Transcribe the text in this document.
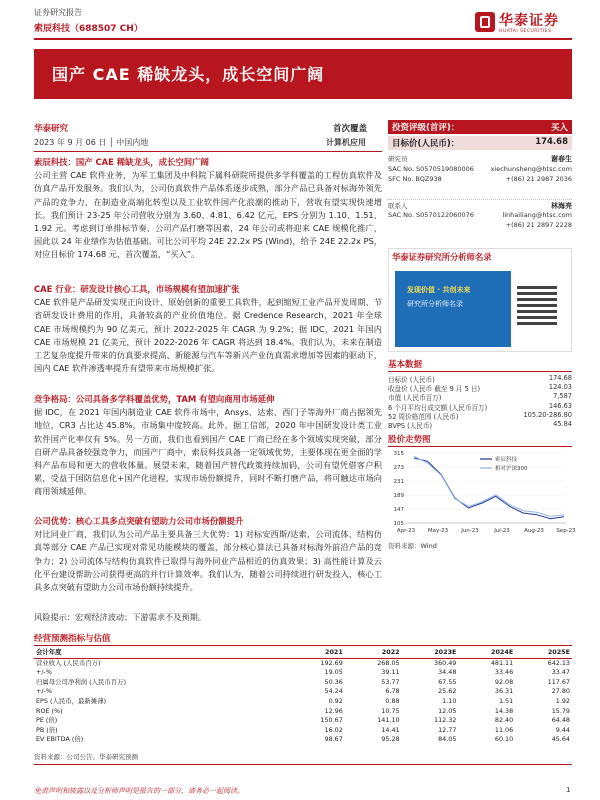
证券研究报告
索辰科技（688507 CH）	华泰证券
HUATAI SECURITIES
国产 CAE 稀缺龙头，成长空间广阔
华泰研究	首次覆盖
2023 年 9 月 06 日 │ 中国内地	计算机应用
索辰科技：国产 CAE 稀缺龙头，成长空间广阔
公司主营 CAE 软件业务，为军工集团及中科院下属科研院所提供多学科覆盖的工程仿真软件及仿真产品开发服务。我们认为，公司仿真软件产品体系逐步成熟，部分产品已具备对标海外领先产品的竞争力，在制造业高端化转型以及工业软件国产化浪潮的推动下，营收有望实现快速增长。我们预计 23-25 年公司营收分别为 3.60、4.81、6.42 亿元，EPS 分别为 1.10、1.51、1.92 元。考虑到订单排标节奏、公司产品打磨等因素，24 年公司或将迎来 CAE 规模化推广，因此以 24 年业绩作为估值基础。可比公司平均 24E 22.2x PS (Wind)，给予 24E 22.2x PS，对应目标价 174.68 元，首次覆盖，“买入”。
CAE 行业：研发设计核心工具，市场规模有望加速扩张
CAE 软件是产品研发实现正向设计、原始创新的重要工具软件，起到缩短工业产品开发周期、节省研发设计费用的作用，具备较高的产业价值地位。据 Credence Research，2021 年全球 CAE 市场规模约为 90 亿美元，预计 2022-2025 年 CAGR 为 9.2%；据 IDC，2021 年国内 CAE 市场规模 21 亿美元，预计 2022-2026 年 CAGR 将达到 18.4%。我们认为，未来在制造工艺复杂度提升带来的仿真要求提高、新能源与汽车等新兴产业仿真需求增加等因素的驱动下，国内 CAE 软件渗透率提升有望带来市场规模扩张。
竞争格局：公司具备多学科覆盖优势，TAM 有望向商用市场延伸
据 IDC，在 2021 年国内制造业 CAE 软件市场中，Ansys、达索、西门子等海外厂商占据领先地位，CR3 占比达 45.8%，市场集中度较高。此外，据工信部，2020 年中国研发设计类工业软件国产化率仅有 5%。另一方面，我们也看到国产 CAE 厂商已经在多个领域实现突破，部分自研产品具备较强竞争力，而国产厂商中，索辰科技具备一定领域优势，主要体现在更全面的学科产品布局和更大的营收体量。展望未来，随着国产替代政策持续加码，公司有望凭借客户积累，受益于国防信息化+国产化进程，实现市场份额提升，同时不断打磨产品，将可触达市场向商用领域延伸。
公司优势：核心工具多点突破有望助力公司市场份额提升
对比同业厂商，我们认为公司产品主要具备三大优势：1) 对标安西斯/达索，公司流体、结构仿真等部分 CAE 产品已实现对常见功能模块的覆盖，部分核心算法已具备对标海外前沿产品的竞争力；2) 公司流体与结构仿真软件已取得与海外同业产品相近的仿真效果；3) 高性能计算及云化平台建设帮助公司获得更高的并行计算效率。我们认为，随着公司持续进行研发投入，核心工具多点突破有望助力公司市场份额持续提升。
风险提示：宏观经济波动；下游需求不及预期。
经营预测指标与估值
会计年度	2021	2022	2023E	2024E	2025E
营业收入 (人民币百万)	192.69	268.05	360.49	481.11	642.13
+/-%	19.05	39.11	34.48	33.46	33.47
归属母公司净利润 (人民币百万)	50.36	53.77	67.55	92.08	117.67
+/-%	54.24	6.78	25.62	36.31	27.80
EPS (人民币，最新摊薄)	0.92	0.88	1.10	1.51	1.92
ROE (%)	12.96	10.75	12.05	14.38	15.79
PE (倍)	150.67	141.10	112.32	82.40	64.48
PB (倍)	16.02	14.41	12.77	11.06	9.44
EV EBITDA (倍)	98.67	95.28	84.05	60.10	45.64
资料来源：公司公告、华泰研究预测
投资评级(首评)：	买入
目标价(人民币)：	174.68
研究员	谢春生
SAC No. S0570519080006	xiechunsheng@htsc.com
SFC No. BQZ938	+(86) 21 2987 2036
联系人	林海亮
SAC No. S0570122060076	linhailiang@htsc.com
+(86) 21 2897 2228
华泰证券研究所分析师名录
发现价值 · 共创未来
研究所分析师名录
基本数据
目标价 (人民币)	174.68
收盘价 (人民币 截至 9 月 5 日)	124.03
市值 (人民币百万)	7,587
6 个月平均日成交额 (人民币百万)	146.63
52 周价格范围 (人民币)	105.20-286.80
BVPS (人民币)	45.84
股价走势图
315
273
231
189
147
105
Apr-23 May-23 Jun-23	Jul-23	Aug-23 Sep-23
索辰科技
相对沪深300
资料来源：Wind
免责声明和披露以及分析师声明是报告的一部分，请务必一起阅读。	1
